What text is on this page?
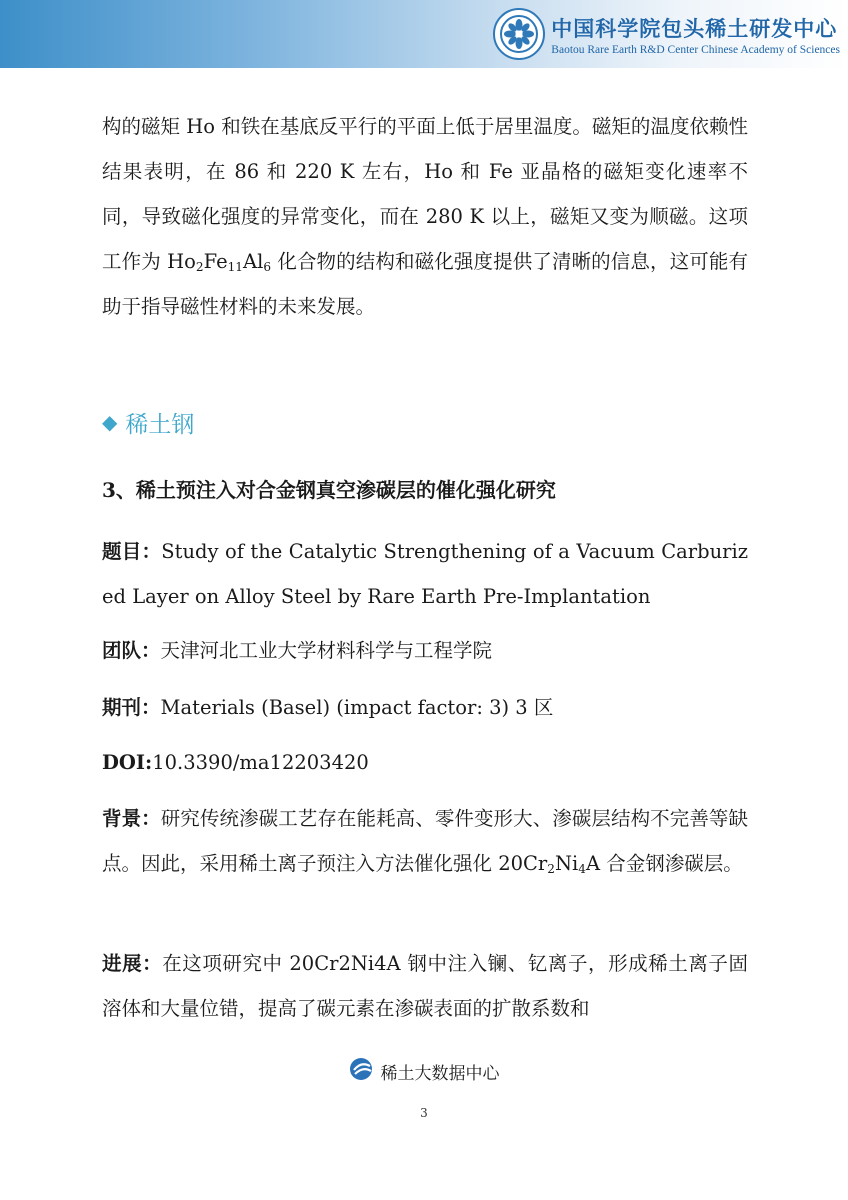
中国科学院包头稀土研发中心
Baotou Rare Earth R&D Center Chinese Academy of Sciences

构的磁矩 Ho 和铁在基底反平行的平面上低于居里温度。磁矩的温度依赖性结果表明，在 86 和 220 K 左右，Ho 和 Fe 亚晶格的磁矩变化速率不同，导致磁化强度的异常变化，而在 280 K 以上，磁矩又变为顺磁。这项工作为 $Ho_2Fe_{11}Al_6$ 化合物的结构和磁化强度提供了清晰的信息，这可能有助于指导磁性材料的未来发展。

◆ 稀土钢

3、稀土预注入对合金钢真空渗碳层的催化强化研究

题目：Study of the Catalytic Strengthening of a Vacuum Carburized Layer on Alloy Steel by Rare Earth Pre-Implantation

团队：天津河北工业大学材料科学与工程学院

期刊：Materials (Basel) (impact factor: 3) 3 区

DOI:10.3390/ma12203420

背景：研究传统渗碳工艺存在能耗高、零件变形大、渗碳层结构不完善等缺点。因此，采用稀土离子预注入方法催化强化 $20Cr_2Ni_4A$ 合金钢渗碳层。

进展：在这项研究中 20Cr2Ni4A 钢中注入镧、钇离子，形成稀土离子固溶体和大量位错，提高了碳元素在渗碳表面的扩散系数和

稀土大数据中心
3
